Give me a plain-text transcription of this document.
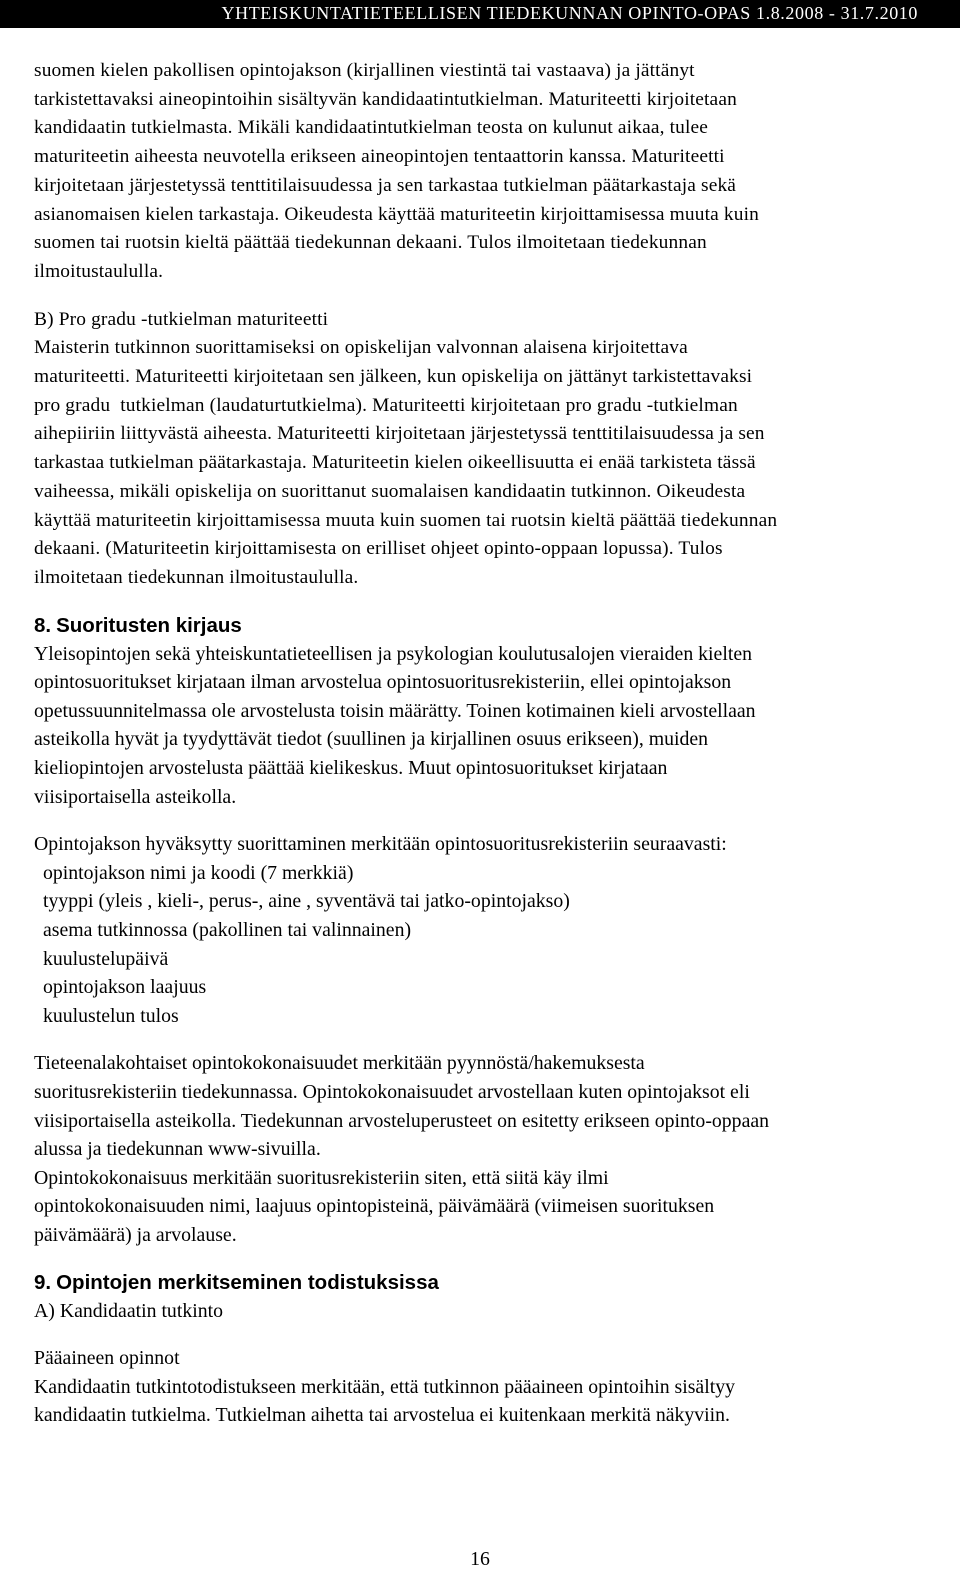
YHTEISKUNTATIETEELLISEN TIEDEKUNNAN OPINTO-OPAS 1.8.2008 - 31.7.2010
suomen kielen pakollisen opintojakson (kirjallinen viestintä tai vastaava) ja jättänyt
tarkistettavaksi aineopintoihin sisältyvän kandidaatintutkielman. Maturiteetti kirjoitetaan
kandidaatin tutkielmasta. Mikäli kandidaatintutkielman teosta on kulunut aikaa, tulee
maturiteetin aiheesta neuvotella erikseen aineopintojen tentaattorin kanssa. Maturiteetti
kirjoitetaan järjestetyssä tenttitilaisuudessa ja sen tarkastaa tutkielman päätarkastaja sekä
asianomaisen kielen tarkastaja. Oikeudesta käyttää maturiteetin kirjoittamisessa muuta kuin
suomen tai ruotsin kieltä päättää tiedekunnan dekaani. Tulos ilmoitetaan tiedekunnan
ilmoitustaululla.
B) Pro gradu -tutkielman maturiteetti
Maisterin tutkinnon suorittamiseksi on opiskelijan valvonnan alaisena kirjoitettava
maturiteetti. Maturiteetti kirjoitetaan sen jälkeen, kun opiskelija on jättänyt tarkistettavaksi
pro gradu  tutkielman (laudaturtutkielma). Maturiteetti kirjoitetaan pro gradu -tutkielman
aihepiiriin liittyvästä aiheesta. Maturiteetti kirjoitetaan järjestetyssä tenttitilaisuudessa ja sen
tarkastaa tutkielman päätarkastaja. Maturiteetin kielen oikeellisuutta ei enää tarkisteta tässä
vaiheessa, mikäli opiskelija on suorittanut suomalaisen kandidaatin tutkinnon. Oikeudesta
käyttää maturiteetin kirjoittamisessa muuta kuin suomen tai ruotsin kieltä päättää tiedekunnan
dekaani. (Maturiteetin kirjoittamisesta on erilliset ohjeet opinto-oppaan lopussa). Tulos
ilmoitetaan tiedekunnan ilmoitustaululla.
8. Suoritusten kirjaus
Yleisopintojen sekä yhteiskuntatieteellisen ja psykologian koulutusalojen vieraiden kielten
opintosuoritukset kirjataan ilman arvostelua opintosuoritusrekisteriin, ellei opintojakson
opetussuunnitelmassa ole arvostelusta toisin määrätty. Toinen kotimainen kieli arvostellaan
asteikolla hyvät ja tyydyttävät tiedot (suullinen ja kirjallinen osuus erikseen), muiden
kieliopintojen arvostelusta päättää kielikeskus. Muut opintosuoritukset kirjataan
viisiportaisella asteikolla.
Opintojakson hyväksytty suorittaminen merkitään opintosuoritusrekisteriin seuraavasti:
opintojakson nimi ja koodi (7 merkkiä)
tyyppi (yleis , kieli-, perus-, aine , syventävä tai jatko-opintojakso)
asema tutkinnossa (pakollinen tai valinnainen)
kuulustelupäivä
opintojakson laajuus
kuulustelun tulos
Tieteenalakohtaiset opintokokonaisuudet merkitään pyynnöstä/hakemuksesta
suoritusrekisteriin tiedekunnassa. Opintokokonaisuudet arvostellaan kuten opintojaksot eli
viisiportaisella asteikolla. Tiedekunnan arvosteluperusteet on esitetty erikseen opinto-oppaan
alussa ja tiedekunnan www-sivuilla.
Opintokokonaisuus merkitään suoritusrekisteriin siten, että siitä käy ilmi
opintokokonaisuuden nimi, laajuus opintopisteinä, päivämäärä (viimeisen suorituksen
päivämäärä) ja arvolause.
9. Opintojen merkitseminen todistuksissa
A) Kandidaatin tutkinto
Pääaineen opinnot
Kandidaatin tutkintotodistukseen merkitään, että tutkinnon pääaineen opintoihin sisältyy
kandidaatin tutkielma. Tutkielman aihetta tai arvostelua ei kuitenkaan merkitä näkyviin.
16
